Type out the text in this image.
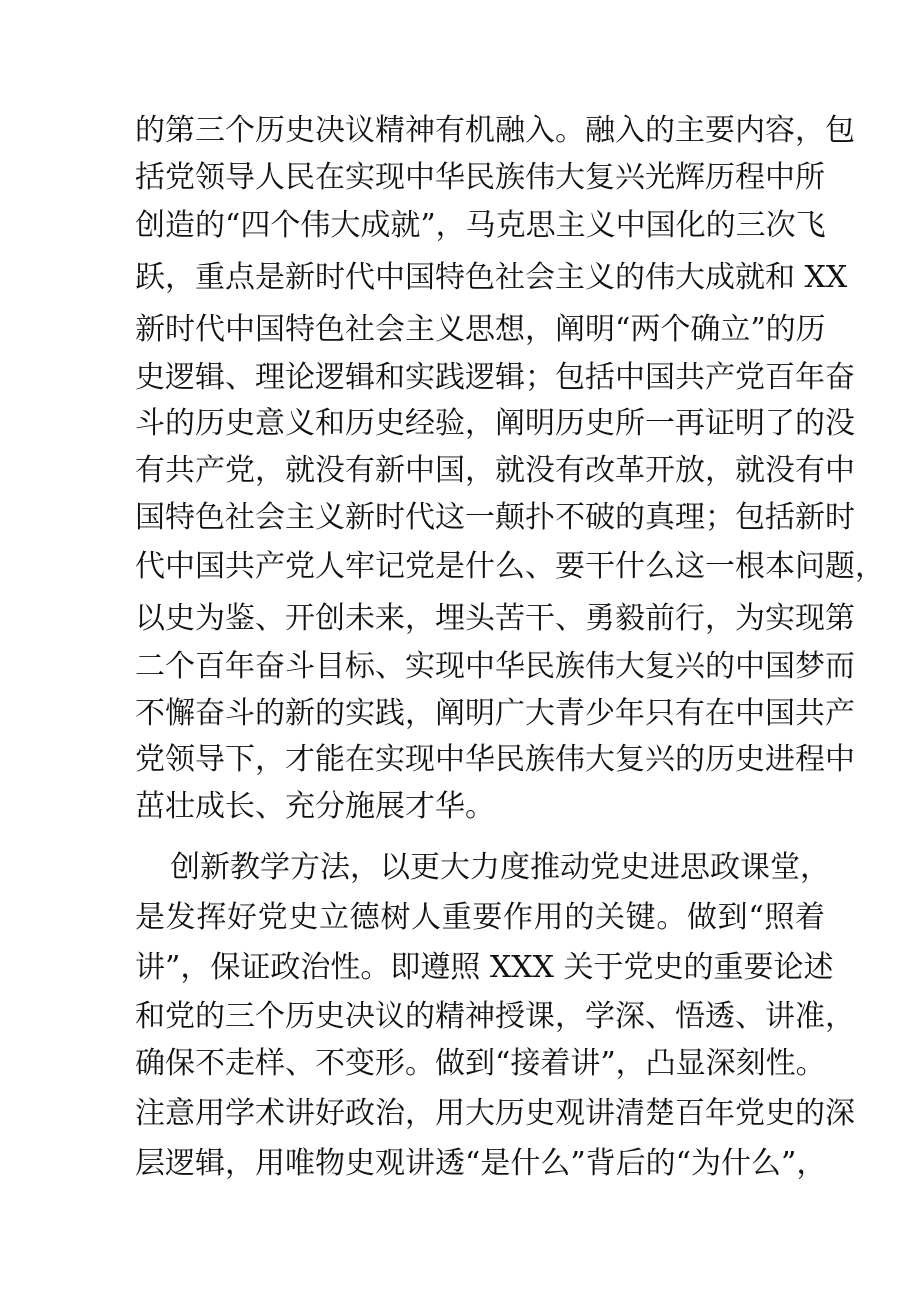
的第三个历史决议精神有机融入。融入的主要内容，包
括党领导人民在实现中华民族伟大复兴光辉历程中所
创造的“四个伟大成就”，马克思主义中国化的三次飞
跃，重点是新时代中国特色社会主义的伟大成就和 XX
新时代中国特色社会主义思想，阐明“两个确立”的历
史逻辑、理论逻辑和实践逻辑；包括中国共产党百年奋
斗的历史意义和历史经验，阐明历史所一再证明了的没
有共产党，就没有新中国，就没有改革开放，就没有中
国特色社会主义新时代这一颠扑不破的真理；包括新时
代中国共产党人牢记党是什么、要干什么这一根本问题，
以史为鉴、开创未来，埋头苦干、勇毅前行，为实现第
二个百年奋斗目标、实现中华民族伟大复兴的中国梦而
不懈奋斗的新的实践，阐明广大青少年只有在中国共产
党领导下，才能在实现中华民族伟大复兴的历史进程中
茁壮成长、充分施展才华。
创新教学方法，以更大力度推动党史进思政课堂，
是发挥好党史立德树人重要作用的关键。做到“照着
讲”，保证政治性。即遵照 XXX 关于党史的重要论述
和党的三个历史决议的精神授课，学深、悟透、讲准，
确保不走样、不变形。做到“接着讲”，凸显深刻性。
注意用学术讲好政治，用大历史观讲清楚百年党史的深
层逻辑，用唯物史观讲透“是什么”背后的“为什么”，
